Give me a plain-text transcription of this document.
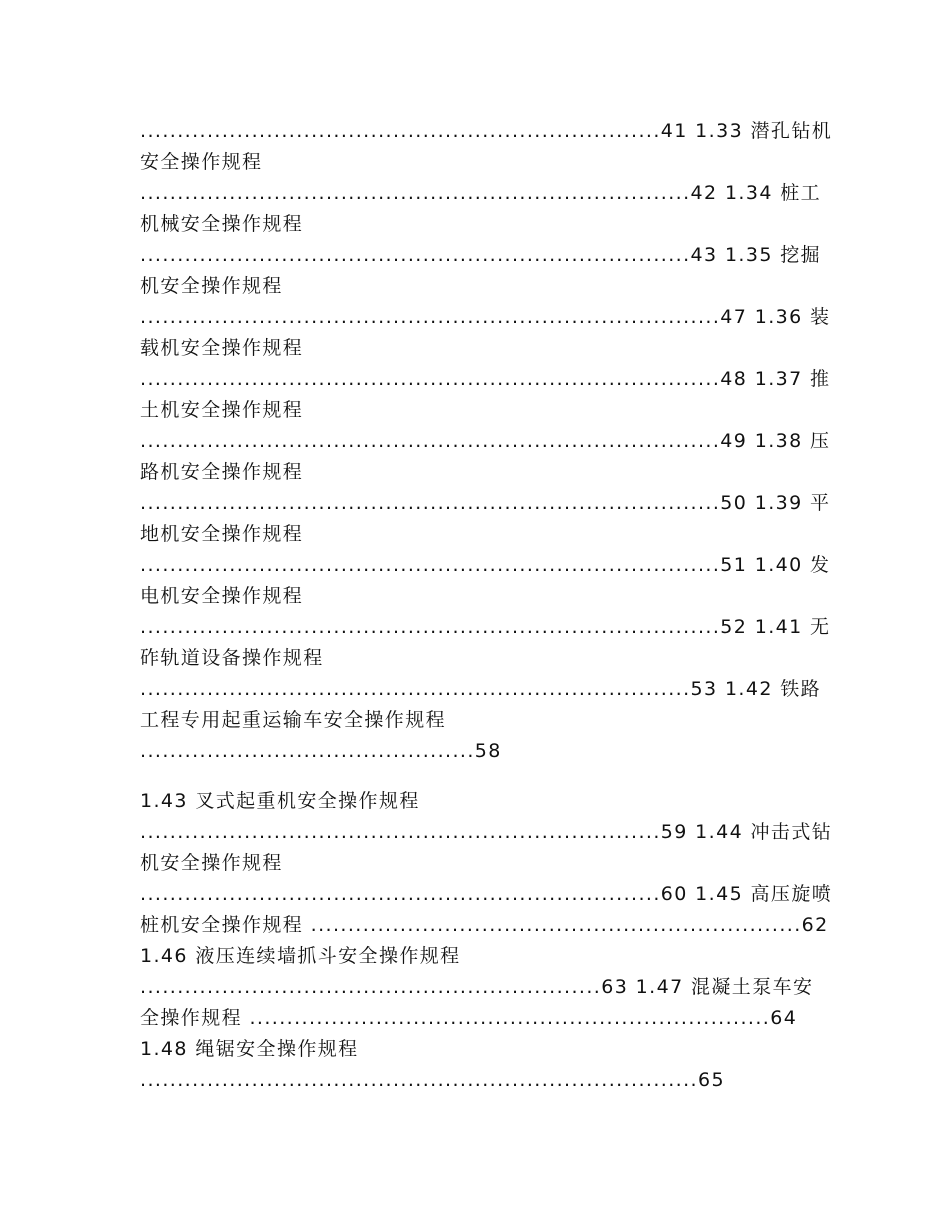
......................................................................41 1.33 潜孔钻机
安全操作规程
..........................................................................42 1.34 桩工
机械安全操作规程
..........................................................................43 1.35 挖掘
机安全操作规程
..............................................................................47 1.36 装
载机安全操作规程
..............................................................................48 1.37 推
土机安全操作规程
..............................................................................49 1.38 压
路机安全操作规程
..............................................................................50 1.39 平
地机安全操作规程
..............................................................................51 1.40 发
电机安全操作规程
..............................................................................52 1.41 无
砟轨道设备操作规程
..........................................................................53 1.42 铁路
工程专用起重运输车安全操作规程
.............................................58
1.43 叉式起重机安全操作规程
......................................................................59 1.44 冲击式钻
机安全操作规程
......................................................................60 1.45 高压旋喷
桩机安全操作规程 ..................................................................62
1.46 液压连续墙抓斗安全操作规程
..............................................................63 1.47 混凝土泵车安
全操作规程 ......................................................................64
1.48 绳锯安全操作规程
...........................................................................65
